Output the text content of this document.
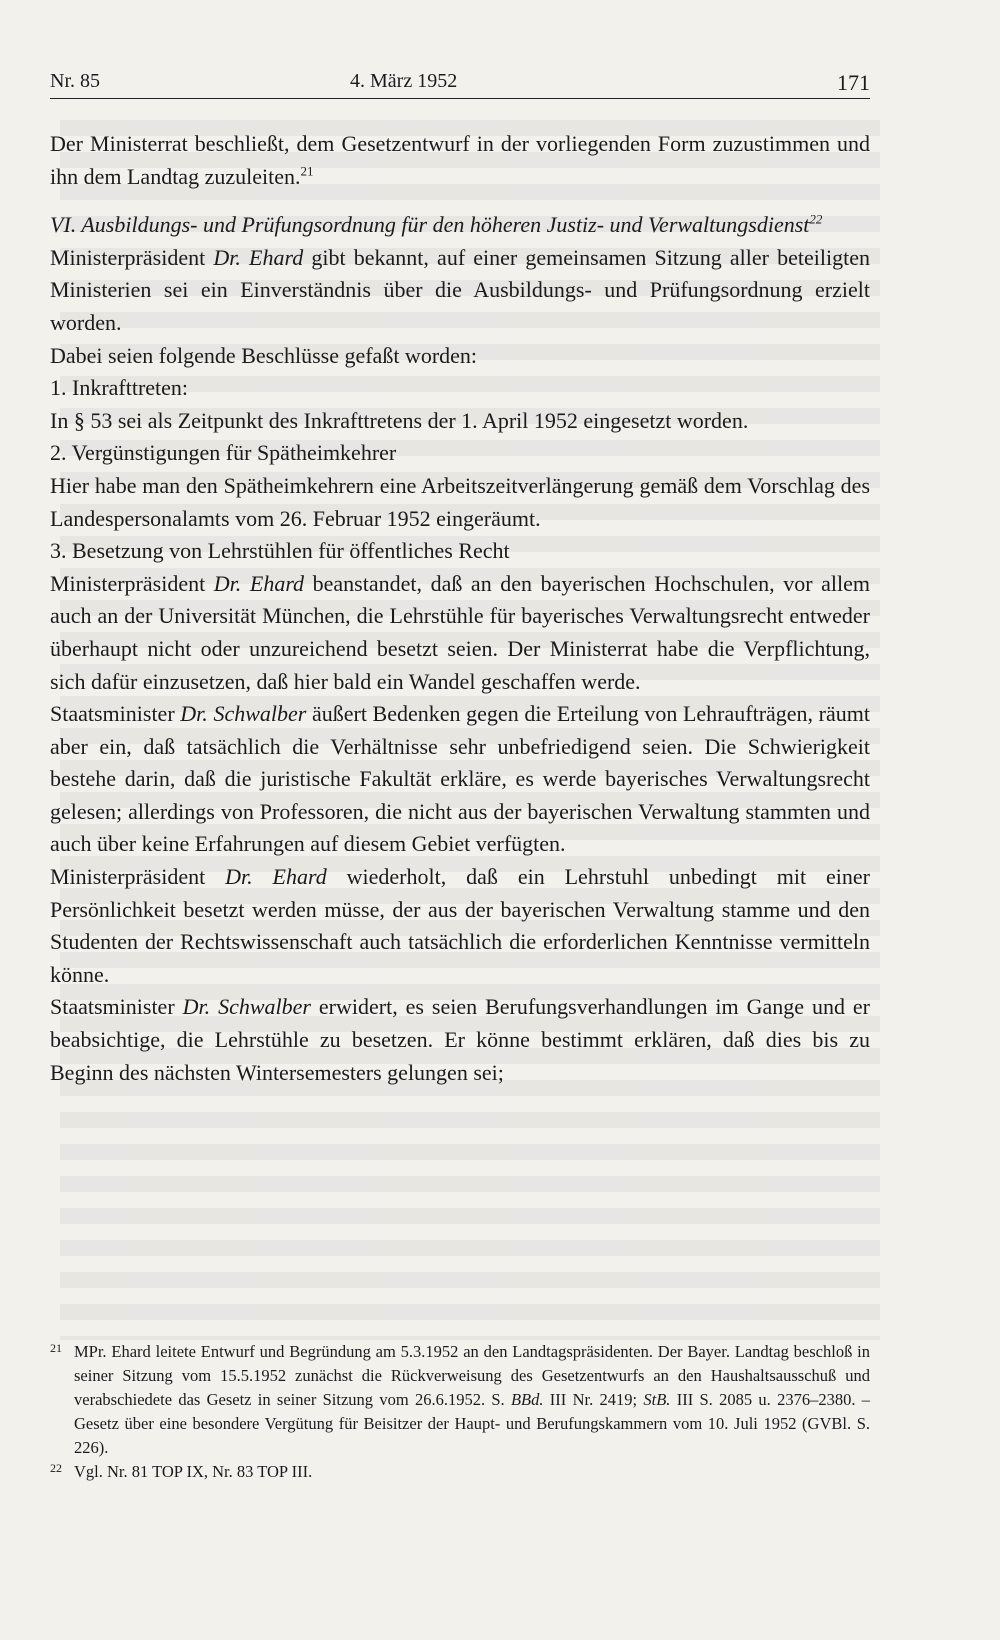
Nr. 85	4. März 1952	171

Der Ministerrat beschließt, dem Gesetzentwurf in der vorliegenden Form zuzustimmen und ihn dem Landtag zuzuleiten.$^{21}$

VI. Ausbildungs- und Prüfungsordnung für den höheren Justiz- und Verwaltungsdienst$^{22}$

Ministerpräsident Dr. Ehard gibt bekannt, auf einer gemeinsamen Sitzung aller beteiligten Ministerien sei ein Einverständnis über die Ausbildungs- und Prüfungsordnung erzielt worden.

Dabei seien folgende Beschlüsse gefaßt worden:

1. Inkrafttreten:

In § 53 sei als Zeitpunkt des Inkrafttretens der 1. April 1952 eingesetzt worden.

2. Vergünstigungen für Spätheimkehrer

Hier habe man den Spätheimkehrern eine Arbeitszeitverlängerung gemäß dem Vorschlag des Landespersonalamts vom 26. Februar 1952 eingeräumt.

3. Besetzung von Lehrstühlen für öffentliches Recht

Ministerpräsident Dr. Ehard beanstandet, daß an den bayerischen Hochschulen, vor allem auch an der Universität München, die Lehrstühle für bayerisches Verwaltungsrecht entweder überhaupt nicht oder unzureichend besetzt seien. Der Ministerrat habe die Verpflichtung, sich dafür einzusetzen, daß hier bald ein Wandel geschaffen werde.

Staatsminister Dr. Schwalber äußert Bedenken gegen die Erteilung von Lehraufträgen, räumt aber ein, daß tatsächlich die Verhältnisse sehr unbefriedigend seien. Die Schwierigkeit bestehe darin, daß die juristische Fakultät erkläre, es werde bayerisches Verwaltungsrecht gelesen; allerdings von Professoren, die nicht aus der bayerischen Verwaltung stammten und auch über keine Erfahrungen auf diesem Gebiet verfügten.

Ministerpräsident Dr. Ehard wiederholt, daß ein Lehrstuhl unbedingt mit einer Persönlichkeit besetzt werden müsse, der aus der bayerischen Verwaltung stamme und den Studenten der Rechtswissenschaft auch tatsächlich die erforderlichen Kenntnisse vermitteln könne.

Staatsminister Dr. Schwalber erwidert, es seien Berufungsverhandlungen im Gange und er beabsichtige, die Lehrstühle zu besetzen. Er könne bestimmt erklären, daß dies bis zu Beginn des nächsten Wintersemesters gelungen sei;

21 MPr. Ehard leitete Entwurf und Begründung am 5.3.1952 an den Landtagspräsidenten. Der Bayer. Landtag beschloß in seiner Sitzung vom 15.5.1952 zunächst die Rückverweisung des Gesetzentwurfs an den Haushaltsausschuß und verabschiedete das Gesetz in seiner Sitzung vom 26.6.1952. S. BBd. III Nr. 2419; StB. III S. 2085 u. 2376–2380. – Gesetz über eine besondere Vergütung für Beisitzer der Haupt- und Berufungskammern vom 10. Juli 1952 (GVBl. S. 226).

22 Vgl. Nr. 81 TOP IX, Nr. 83 TOP III.
